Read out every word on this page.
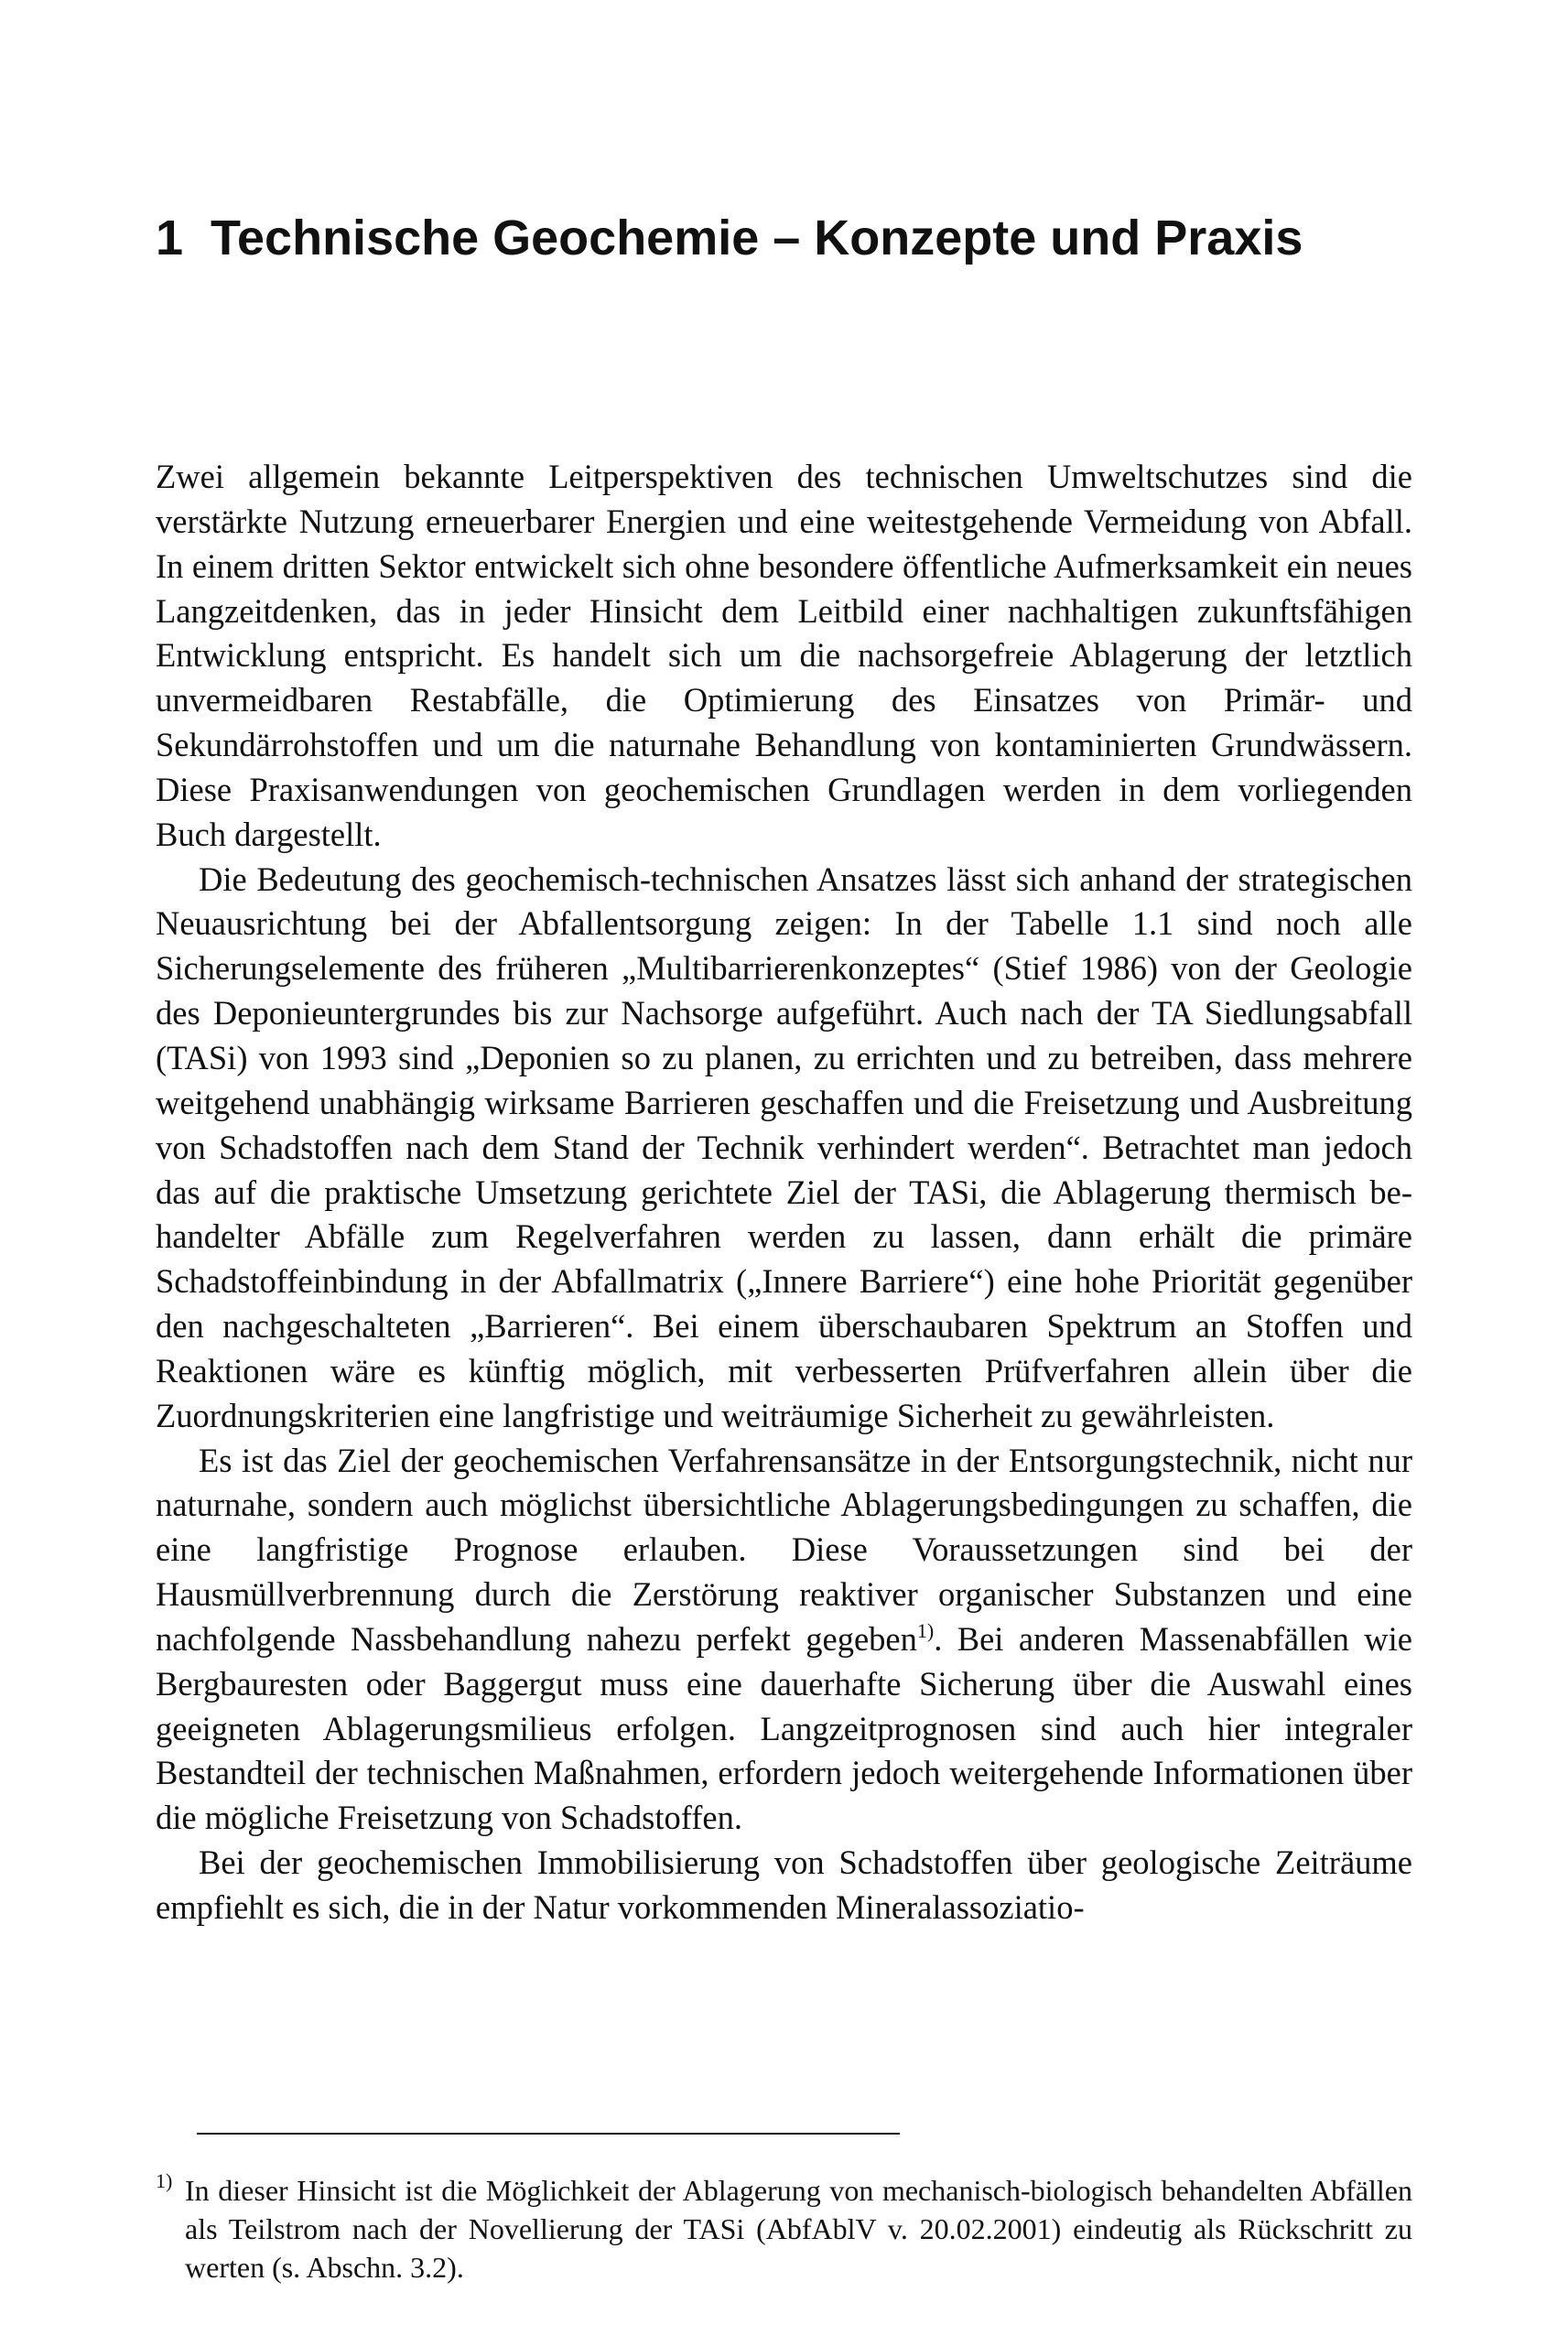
1 Technische Geochemie – Konzepte und Praxis

Zwei allgemein bekannte Leitperspektiven des technischen Umweltschutzes sind die verstärkte Nutzung erneuerbarer Energien und eine weitestgehende Vermeidung von Abfall. In einem dritten Sektor entwickelt sich ohne besondere öffentliche Aufmerksamkeit ein neues Langzeitdenken, das in jeder Hinsicht dem Leitbild einer nachhaltigen zukunftsfähigen Entwicklung entspricht. Es handelt sich um die nachsorgefreie Ablagerung der letztlich unvermeidbaren Restabfälle, die Optimierung des Einsatzes von Primär- und Sekundärrohstoffen und um die naturnahe Behandlung von kontaminierten Grundwässern. Diese Praxisanwendungen von geochemischen Grundlagen werden in dem vorliegenden Buch dargestellt.

Die Bedeutung des geochemisch-technischen Ansatzes lässt sich anhand der strategischen Neuausrichtung bei der Abfallentsorgung zeigen: In der Tabelle 1.1 sind noch alle Sicherungselemente des früheren „Multibarrierenkonzeptes“ (Stief 1986) von der Geologie des Deponieuntergrundes bis zur Nachsorge aufgeführt. Auch nach der TA Siedlungsabfall (TASi) von 1993 sind „Deponien so zu planen, zu errichten und zu betreiben, dass mehrere weitgehend unabhängig wirksame Barrieren geschaffen und die Freisetzung und Ausbreitung von Schadstoffen nach dem Stand der Technik verhindert werden“. Betrachtet man jedoch das auf die praktische Umsetzung gerichtete Ziel der TASi, die Ablagerung thermisch behandelter Abfälle zum Regelverfahren werden zu lassen, dann erhält die primäre Schadstoffeinbindung in der Abfallmatrix („Innere Barriere“) eine hohe Priorität gegenüber den nachgeschalteten „Barrieren“. Bei einem überschaubaren Spektrum an Stoffen und Reaktionen wäre es künftig möglich, mit verbesserten Prüfverfahren allein über die Zuordnungskriterien eine langfristige und weiträumige Sicherheit zu gewährleisten.

Es ist das Ziel der geochemischen Verfahrensansätze in der Entsorgungstechnik, nicht nur naturnahe, sondern auch möglichst übersichtliche Ablagerungsbedingungen zu schaffen, die eine langfristige Prognose erlauben. Diese Voraussetzungen sind bei der Hausmüllverbrennung durch die Zerstörung reaktiver organischer Substanzen und eine nachfolgende Nassbehandlung nahezu perfekt gegeben$^{1)}$. Bei anderen Massenabfällen wie Bergbauresten oder Baggergut muss eine dauerhafte Sicherung über die Auswahl eines geeigneten Ablagerungsmilieus erfolgen. Langzeitprognosen sind auch hier integraler Bestandteil der technischen Maßnahmen, erfordern jedoch weitergehende Informationen über die mögliche Freisetzung von Schadstoffen.

Bei der geochemischen Immobilisierung von Schadstoffen über geologische Zeiträume empfiehlt es sich, die in der Natur vorkommenden Mineralassoziatio-

1) In dieser Hinsicht ist die Möglichkeit der Ablagerung von mechanisch-biologisch behandelten Abfällen als Teilstrom nach der Novellierung der TASi (AbfAblV v. 20.02.2001) eindeutig als Rückschritt zu werten (s. Abschn. 3.2).
